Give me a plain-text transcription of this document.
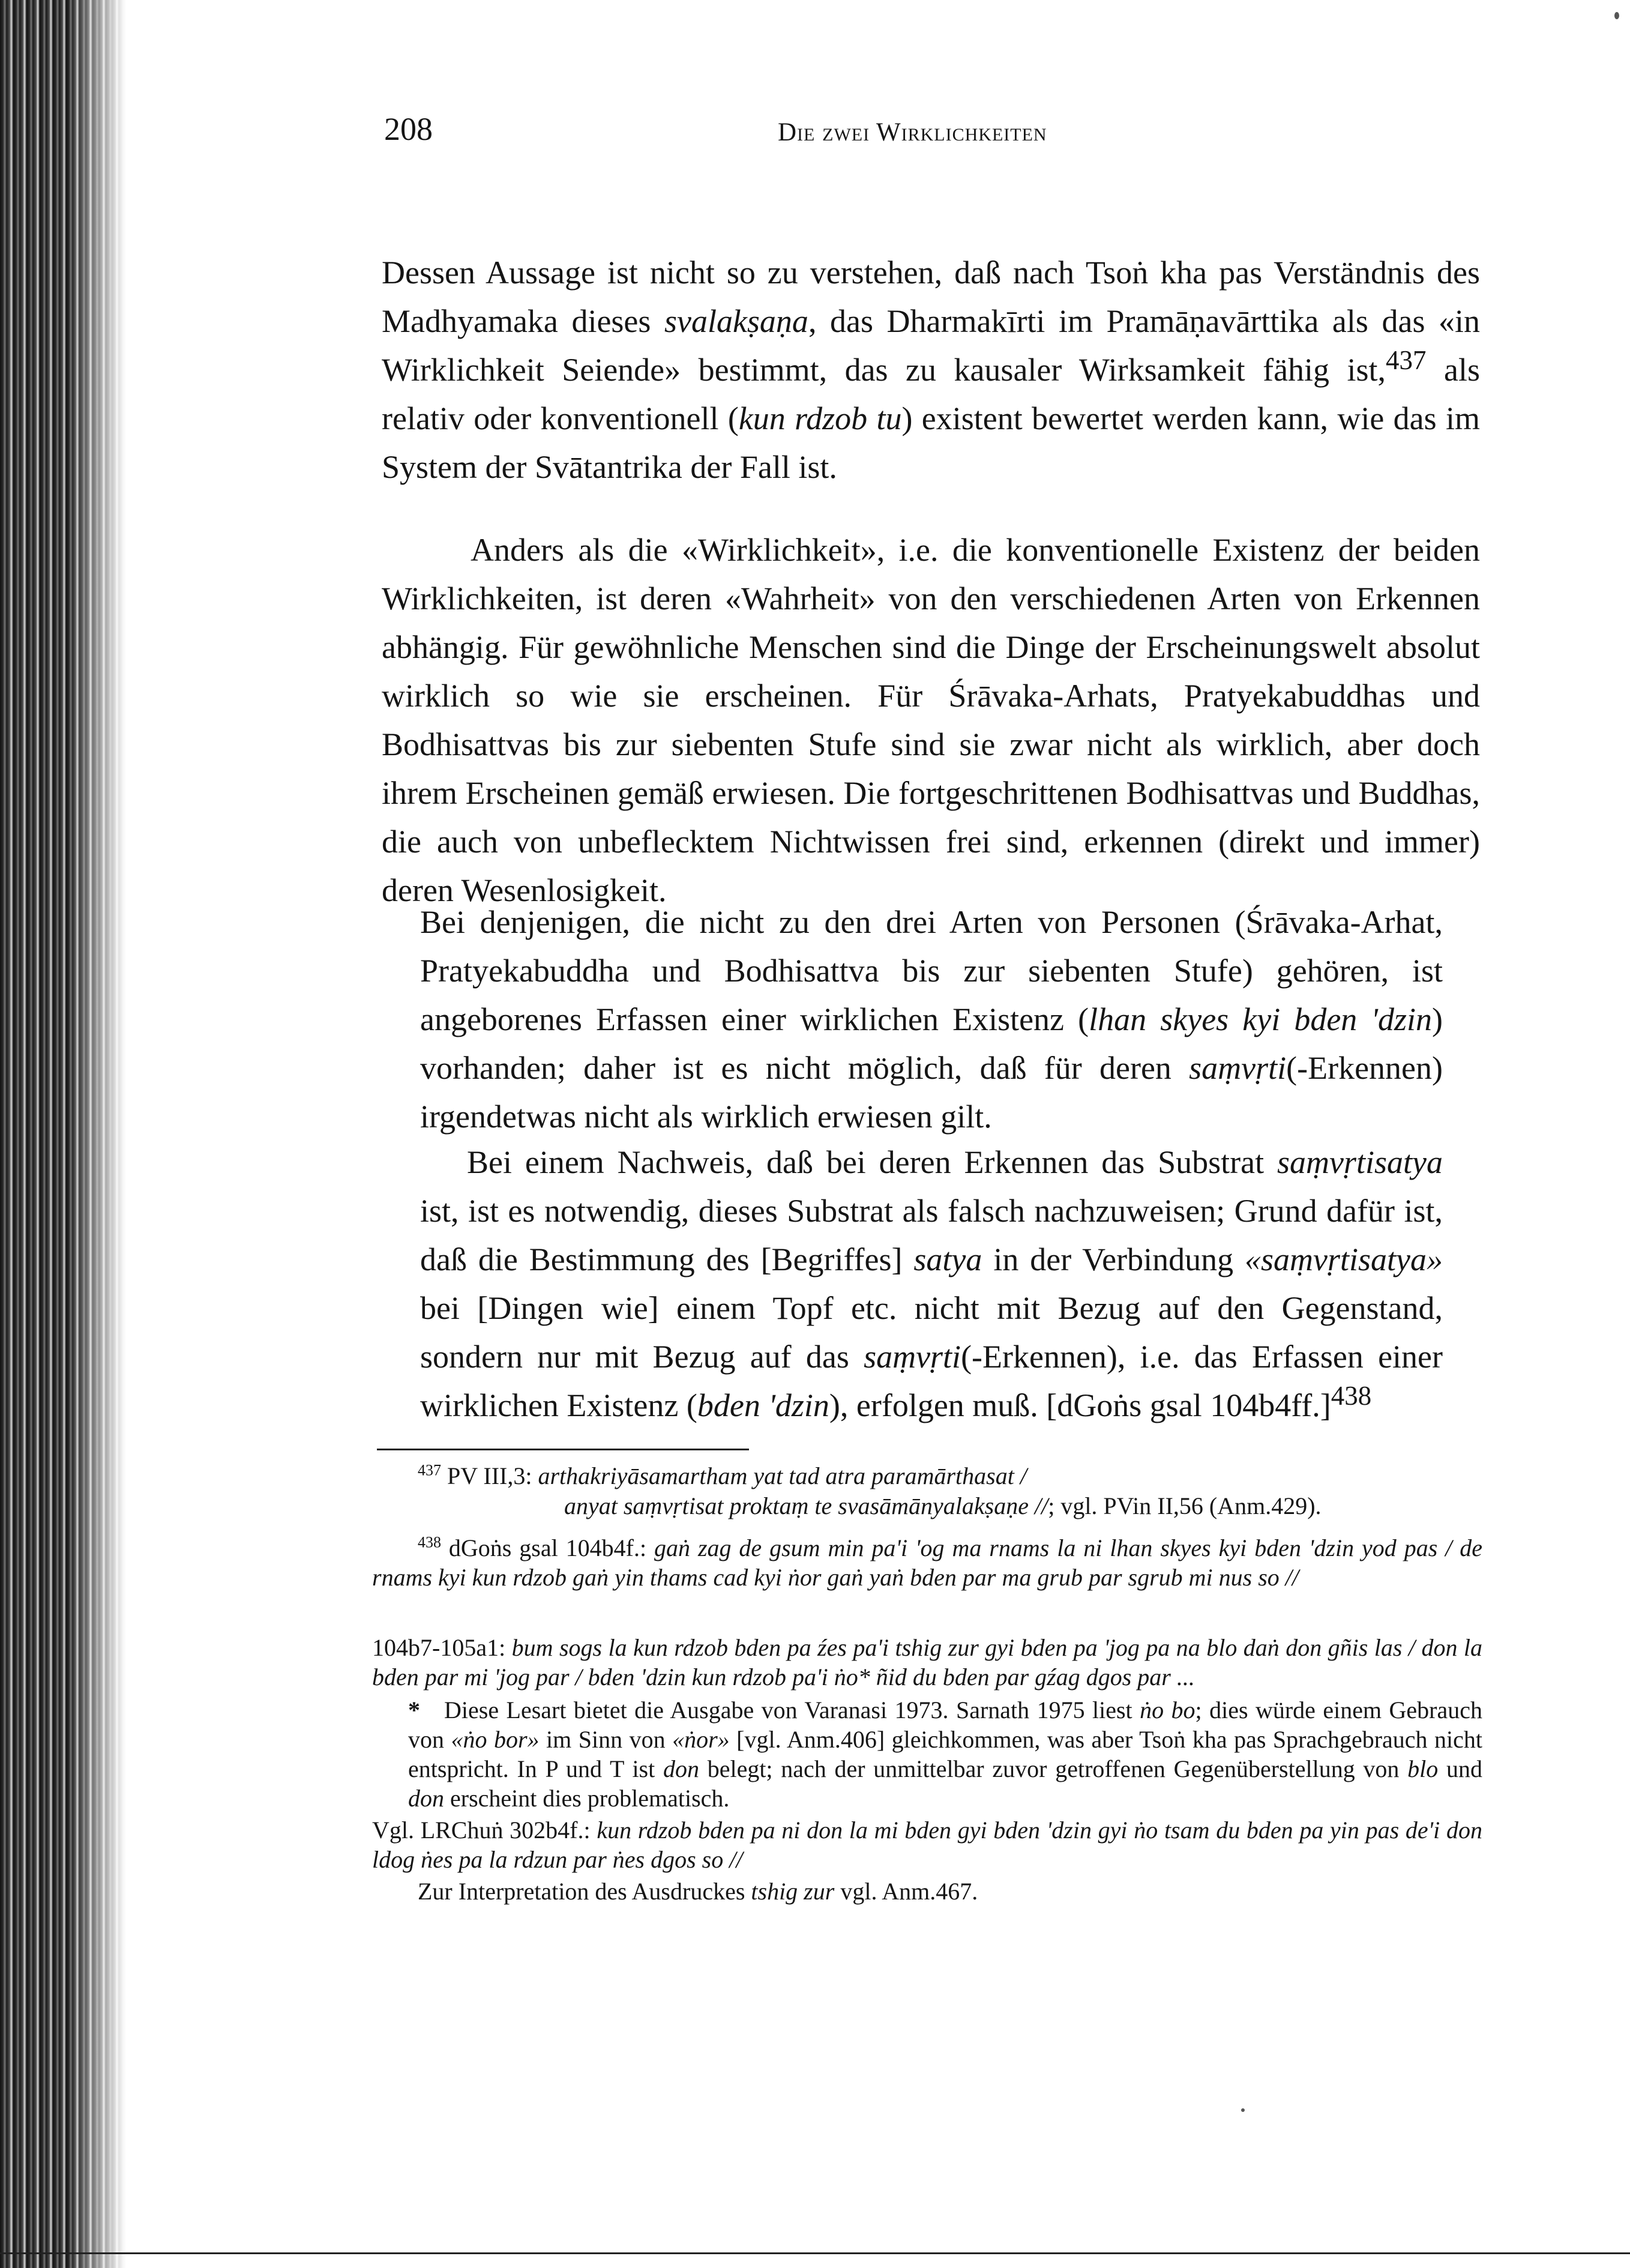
208	Die zwei Wirklichkeiten

Dessen Aussage ist nicht so zu verstehen, daß nach Tsoṅ kha pas Verständnis des Madhyamaka dieses svalakṣaṇa, das Dharmakīrti im Pramāṇavārttika als das «in Wirklichkeit Seiende» bestimmt, das zu kausaler Wirksamkeit fähig ist,$^{437}$ als relativ oder konventionell (kun rdzob tu) existent bewertet werden kann, wie das im System der Svātantrika der Fall ist.

Anders als die «Wirklichkeit», i.e. die konventionelle Existenz der beiden Wirklichkeiten, ist deren «Wahrheit» von den verschiedenen Arten von Erkennen abhängig. Für gewöhnliche Menschen sind die Dinge der Erscheinungswelt absolut wirklich so wie sie erscheinen. Für Śrāvaka-Arhats, Pratyekabuddhas und Bodhisattvas bis zur siebenten Stufe sind sie zwar nicht als wirklich, aber doch ihrem Erscheinen gemäß erwiesen. Die fortgeschrittenen Bodhisattvas und Buddhas, die auch von unbeflecktem Nichtwissen frei sind, erkennen (direkt und immer) deren Wesenlosigkeit.

Bei denjenigen, die nicht zu den drei Arten von Personen (Śrāvaka-Arhat, Pratyekabuddha und Bodhisattva bis zur siebenten Stufe) gehören, ist angeborenes Erfassen einer wirklichen Existenz (lhan skyes kyi bden 'dzin) vorhanden; daher ist es nicht möglich, daß für deren saṃvṛti(-Erkennen) irgendetwas nicht als wirklich erwiesen gilt.

Bei einem Nachweis, daß bei deren Erkennen das Substrat saṃvṛtisatya ist, ist es notwendig, dieses Substrat als falsch nachzuweisen; Grund dafür ist, daß die Bestimmung des [Begriffes] satya in der Verbindung «saṃvṛtisatya» bei [Dingen wie] einem Topf etc. nicht mit Bezug auf den Gegenstand, sondern nur mit Bezug auf das saṃvṛti(-Erkennen), i.e. das Erfassen einer wirklichen Existenz (bden 'dzin), erfolgen muß. [dGoṅs gsal 104b4ff.]$^{438}$

$^{437}$ PV III,3: arthakriyāsamartham yat tad atra paramārthasat /

anyat saṃvṛtisat proktaṃ te svasāmānyalakṣaṇe //; vgl. PVin II,56 (Anm.429).

$^{438}$ dGoṅs gsal 104b4f.: gaṅ zag de gsum min pa'i 'og ma rnams la ni lhan skyes kyi bden 'dzin yod pas / de rnams kyi kun rdzob gaṅ yin thams cad kyi ṅor gaṅ yaṅ bden par ma grub par sgrub mi nus so //

104b7-105a1: bum sogs la kun rdzob bden pa źes pa'i tshig zur gyi bden pa 'jog pa na blo daṅ don gñis las / don la bden par mi 'jog par / bden 'dzin kun rdzob pa'i ṅo* ñid du bden par gźag dgos par ...

* Diese Lesart bietet die Ausgabe von Varanasi 1973. Sarnath 1975 liest ṅo bo; dies würde einem Gebrauch von «ṅo bor» im Sinn von «ṅor» [vgl. Anm.406] gleichkommen, was aber Tsoṅ kha pas Sprachgebrauch nicht entspricht. In P und T ist don belegt; nach der unmittelbar zuvor getroffenen Gegenüberstellung von blo und don erscheint dies problematisch.

Vgl. LRChuṅ 302b4f.: kun rdzob bden pa ni don la mi bden gyi bden 'dzin gyi ṅo tsam du bden pa yin pas de'i don ldog ṅes pa la rdzun par ṅes dgos so //

Zur Interpretation des Ausdruckes tshig zur vgl. Anm.467.
